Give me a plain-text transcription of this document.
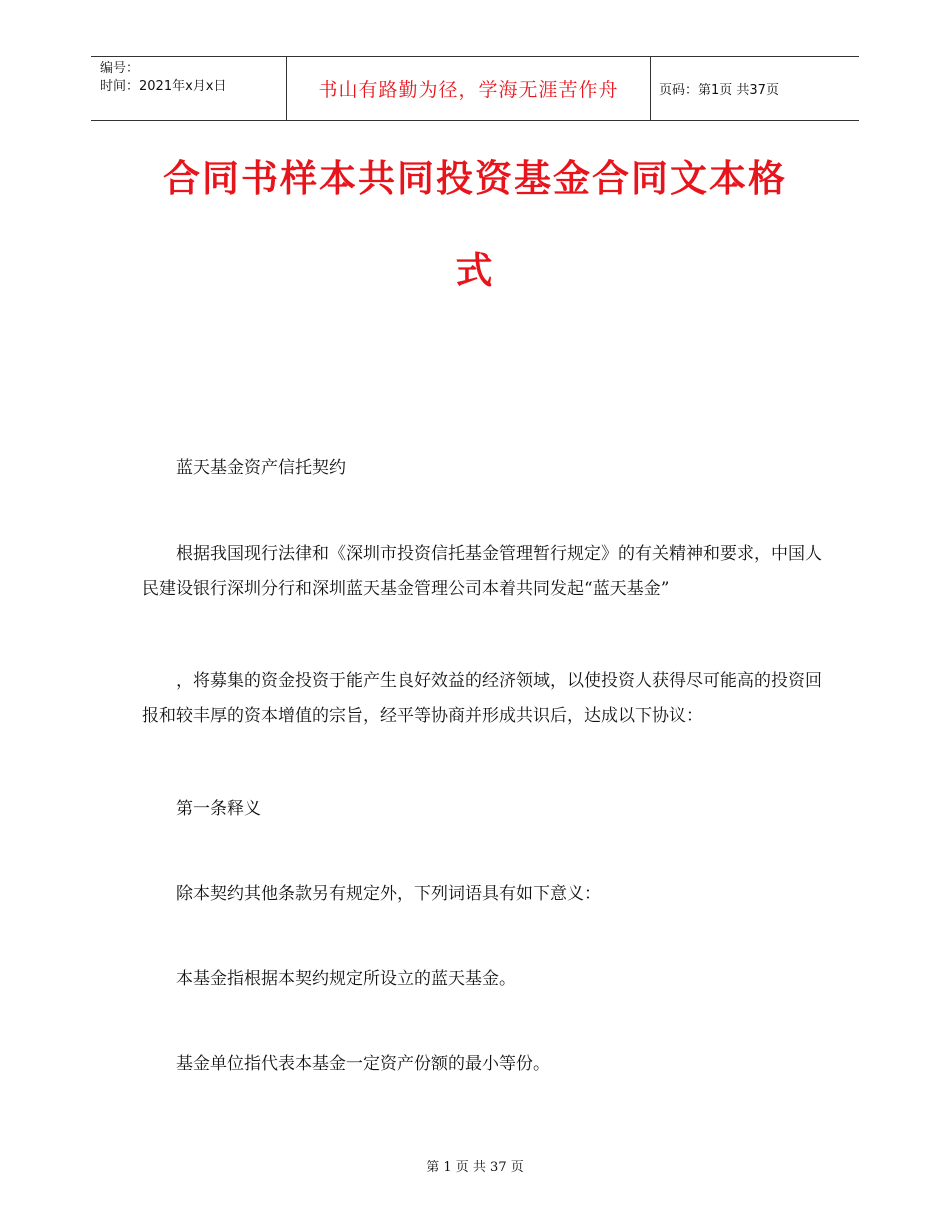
编号：
时间：2021年x月x日	书山有路勤为径，学海无涯苦作舟	页码：第1页 共37页
合同书样本共同投资基金合同文本格
式
蓝天基金资产信托契约
根据我国现行法律和《深圳市投资信托基金管理暂行规定》的有关精神和要求，中国人民建设银行深圳分行和深圳蓝天基金管理公司本着共同发起“蓝天基金”
，将募集的资金投资于能产生良好效益的经济领域，以使投资人获得尽可能高的投资回报和较丰厚的资本增值的宗旨，经平等协商并形成共识后，达成以下协议：
第一条释义
除本契约其他条款另有规定外，下列词语具有如下意义：
本基金指根据本契约规定所设立的蓝天基金。
基金单位指代表本基金一定资产份额的最小等份。
第 1 页 共 37 页
